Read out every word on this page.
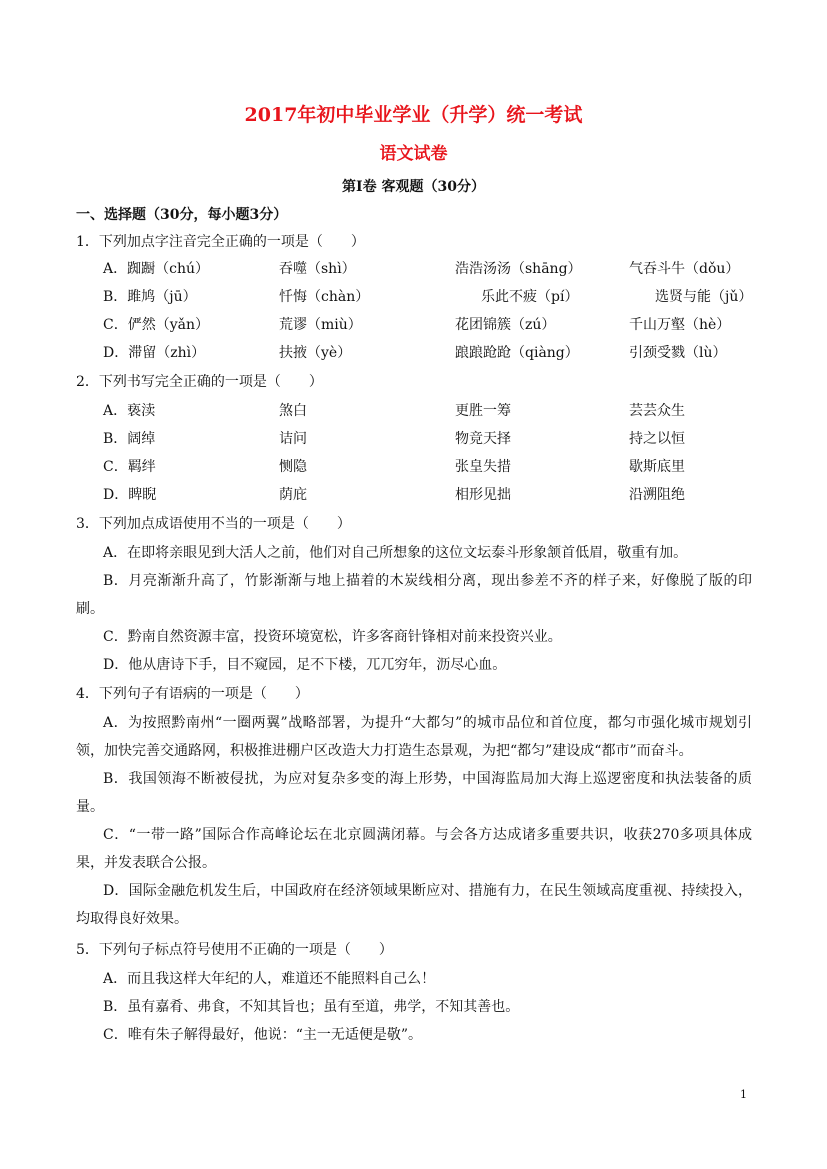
2017年初中毕业学业（升学）统一考试
语文试卷
第Ⅰ卷 客观题（30分）
一、选择题（30分，每小题3分）
1．下列加点字注音完全正确的一项是（　　）
A．踟蹰（chú）	吞噬（shì）	浩浩汤汤（shāng）	气吞斗牛（dǒu）
B．雎鸠（jū）	忏悔（chàn）	乐此不疲（pí）	选贤与能（jǔ）
C．俨然（yǎn）	荒谬（miù）	花团锦簇（zú）	千山万壑（hè）
D．滞留（zhì）	扶掖（yè）	踉踉跄跄（qiàng）	引颈受戮（lù）
2．下列书写完全正确的一项是（　　）
A．亵渎	煞白	更胜一筹	芸芸众生
B．阔绰	诘问	物竞天择	持之以恒
C．羁绊	恻隐	张皇失措	歇斯底里
D．睥睨	荫庇	相形见拙	沿溯阻绝
3．下列加点成语使用不当的一项是（　　）
A．在即将亲眼见到大活人之前，他们对自己所想象的这位文坛泰斗形象颔首低眉，敬重有加。
B．月亮渐渐升高了，竹影渐渐与地上描着的木炭线相分离，现出参差不齐的样子来，好像脱了版的印刷。
C．黔南自然资源丰富，投资环境宽松，许多客商针锋相对前来投资兴业。
D．他从唐诗下手，目不窥园，足不下楼，兀兀穷年，沥尽心血。
4．下列句子有语病的一项是（　　）
A．为按照黔南州“一圈两翼”战略部署，为提升“大都匀”的城市品位和首位度，都匀市强化城市规划引领，加快完善交通路网，积极推进棚户区改造大力打造生态景观，为把“都匀”建设成“都市”而奋斗。
B．我国领海不断被侵扰，为应对复杂多变的海上形势，中国海监局加大海上巡逻密度和执法装备的质量。
C．“一带一路”国际合作高峰论坛在北京圆满闭幕。与会各方达成诸多重要共识，收获270多项具体成果，并发表联合公报。
D．国际金融危机发生后，中国政府在经济领域果断应对、措施有力，在民生领域高度重视、持续投入，均取得良好效果。
5．下列句子标点符号使用不正确的一项是（　　）
A．而且我这样大年纪的人，难道还不能照料自己么！
B．虽有嘉肴、弗食，不知其旨也；虽有至道，弗学，不知其善也。
C．唯有朱子解得最好，他说：“主一无适便是敬”。
1
